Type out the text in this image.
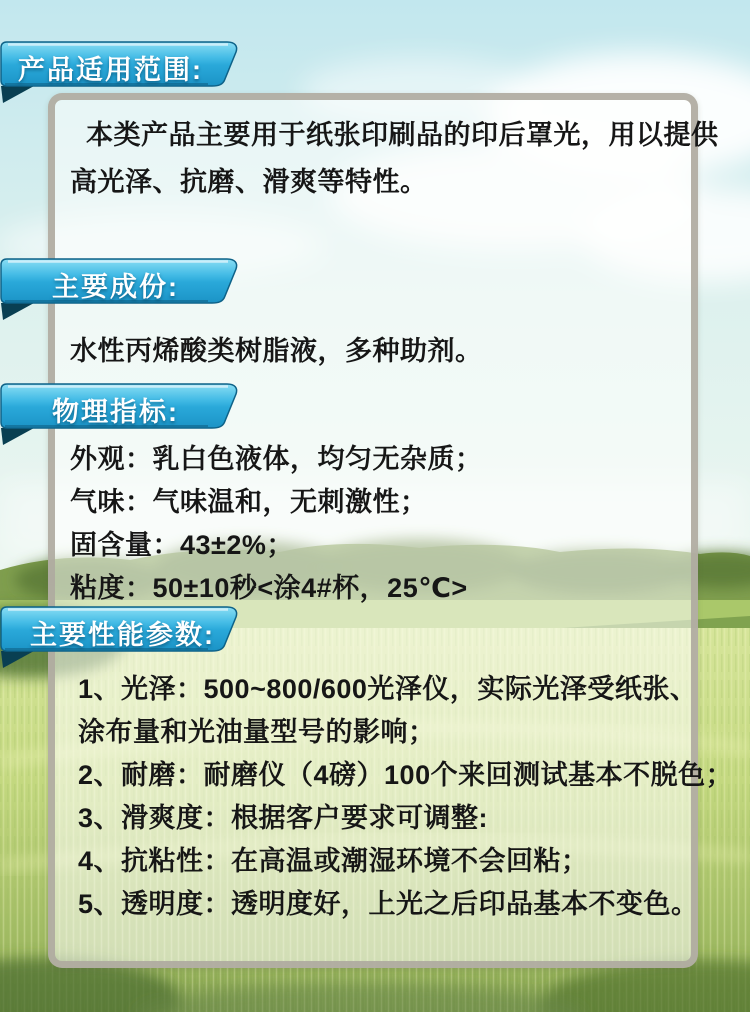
产品适用范围:
本类产品主要用于纸张印刷品的印后罩光，用以提供
高光泽、抗磨、滑爽等特性。
主要成份:
水性丙烯酸类树脂液，多种助剂。
物理指标:
外观：乳白色液体，均匀无杂质；
气味：气味温和，无刺激性；
固含量：43±2%；
粘度：50±10秒<涂4#杯，25℃>
主要性能参数:
1、光泽：500~800/600光泽仪，实际光泽受纸张、
涂布量和光油量型号的影响；
2、耐磨：耐磨仪（4磅）100个来回测试基本不脱色；
3、滑爽度：根据客户要求可调整:
4、抗粘性：在高温或潮湿环境不会回粘；
5、透明度：透明度好，上光之后印品基本不变色。
